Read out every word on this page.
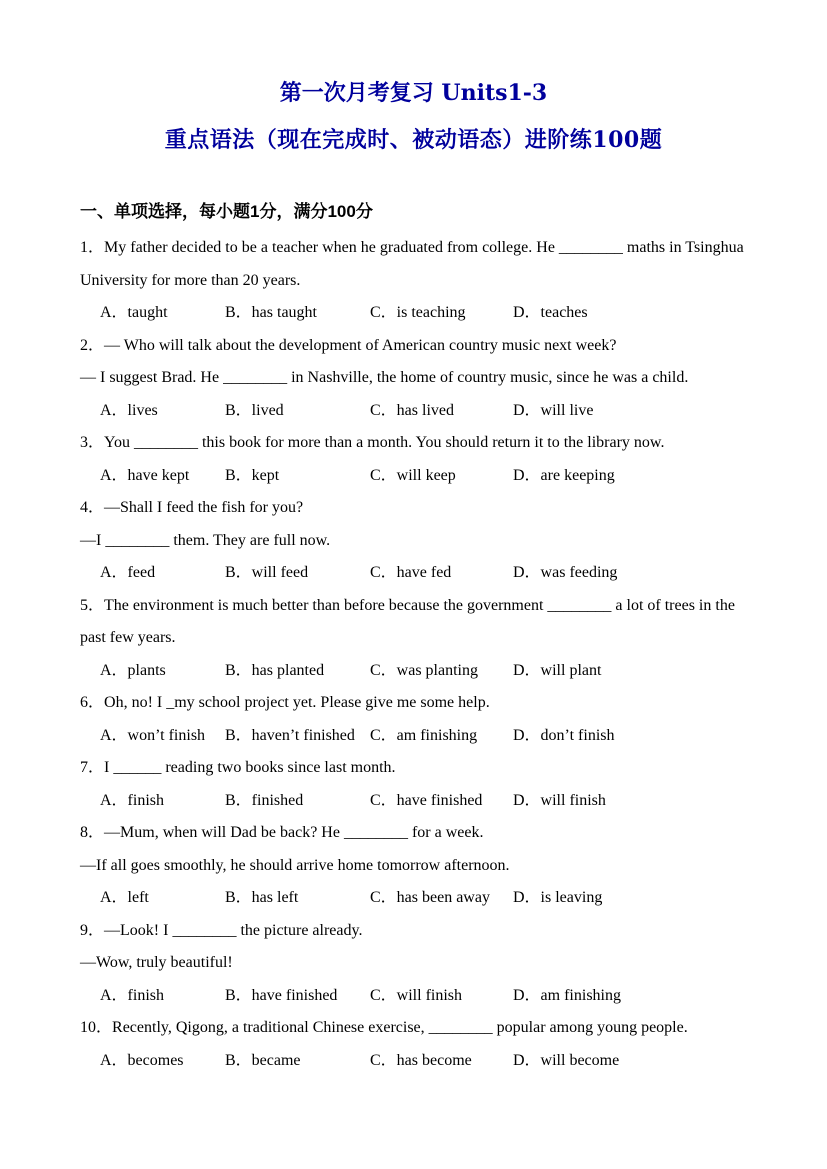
第一次月考复习 Units1-3
重点语法（现在完成时、被动语态）进阶练100题
一、单项选择，每小题1分，满分100分

1．My father decided to be a teacher when he graduated from college. He ________ maths in Tsinghua University for more than 20 years.

A．taught	B．has taught	C．is teaching	D．teaches

2．— Who will talk about the development of American country music next week?

— I suggest Brad. He ________ in Nashville, the home of country music, since he was a child.

A．lives	B．lived	C．has lived	D．will live

3．You ________ this book for more than a month. You should return it to the library now.

A．have kept	B．kept	C．will keep	D．are keeping

4．—Shall I feed the fish for you?

—I ________ them. They are full now.

A．feed	B．will feed	C．have fed	D．was feeding

5．The environment is much better than before because the government ________ a lot of trees in the past few years.

A．plants	B．has planted	C．was planting	D．will plant

6．Oh, no! I _my school project yet. Please give me some help.

A．won’t finish	B．haven’t finished C．am finishing	D．don’t finish

7．I ______ reading two books since last month.

A．finish	B．finished	C．have finished	D．will finish

8．—Mum, when will Dad be back? He ________ for a week.

—If all goes smoothly, he should arrive home tomorrow afternoon.

A．left	B．has left	C．has been away	D．is leaving

9．—Look! I ________ the picture already.

—Wow, truly beautiful!

A．finish	B．have finished	C．will finish	D．am finishing

10．Recently, Qigong, a traditional Chinese exercise, ________ popular among young people.

A．becomes	B．became	C．has become	D．will become
